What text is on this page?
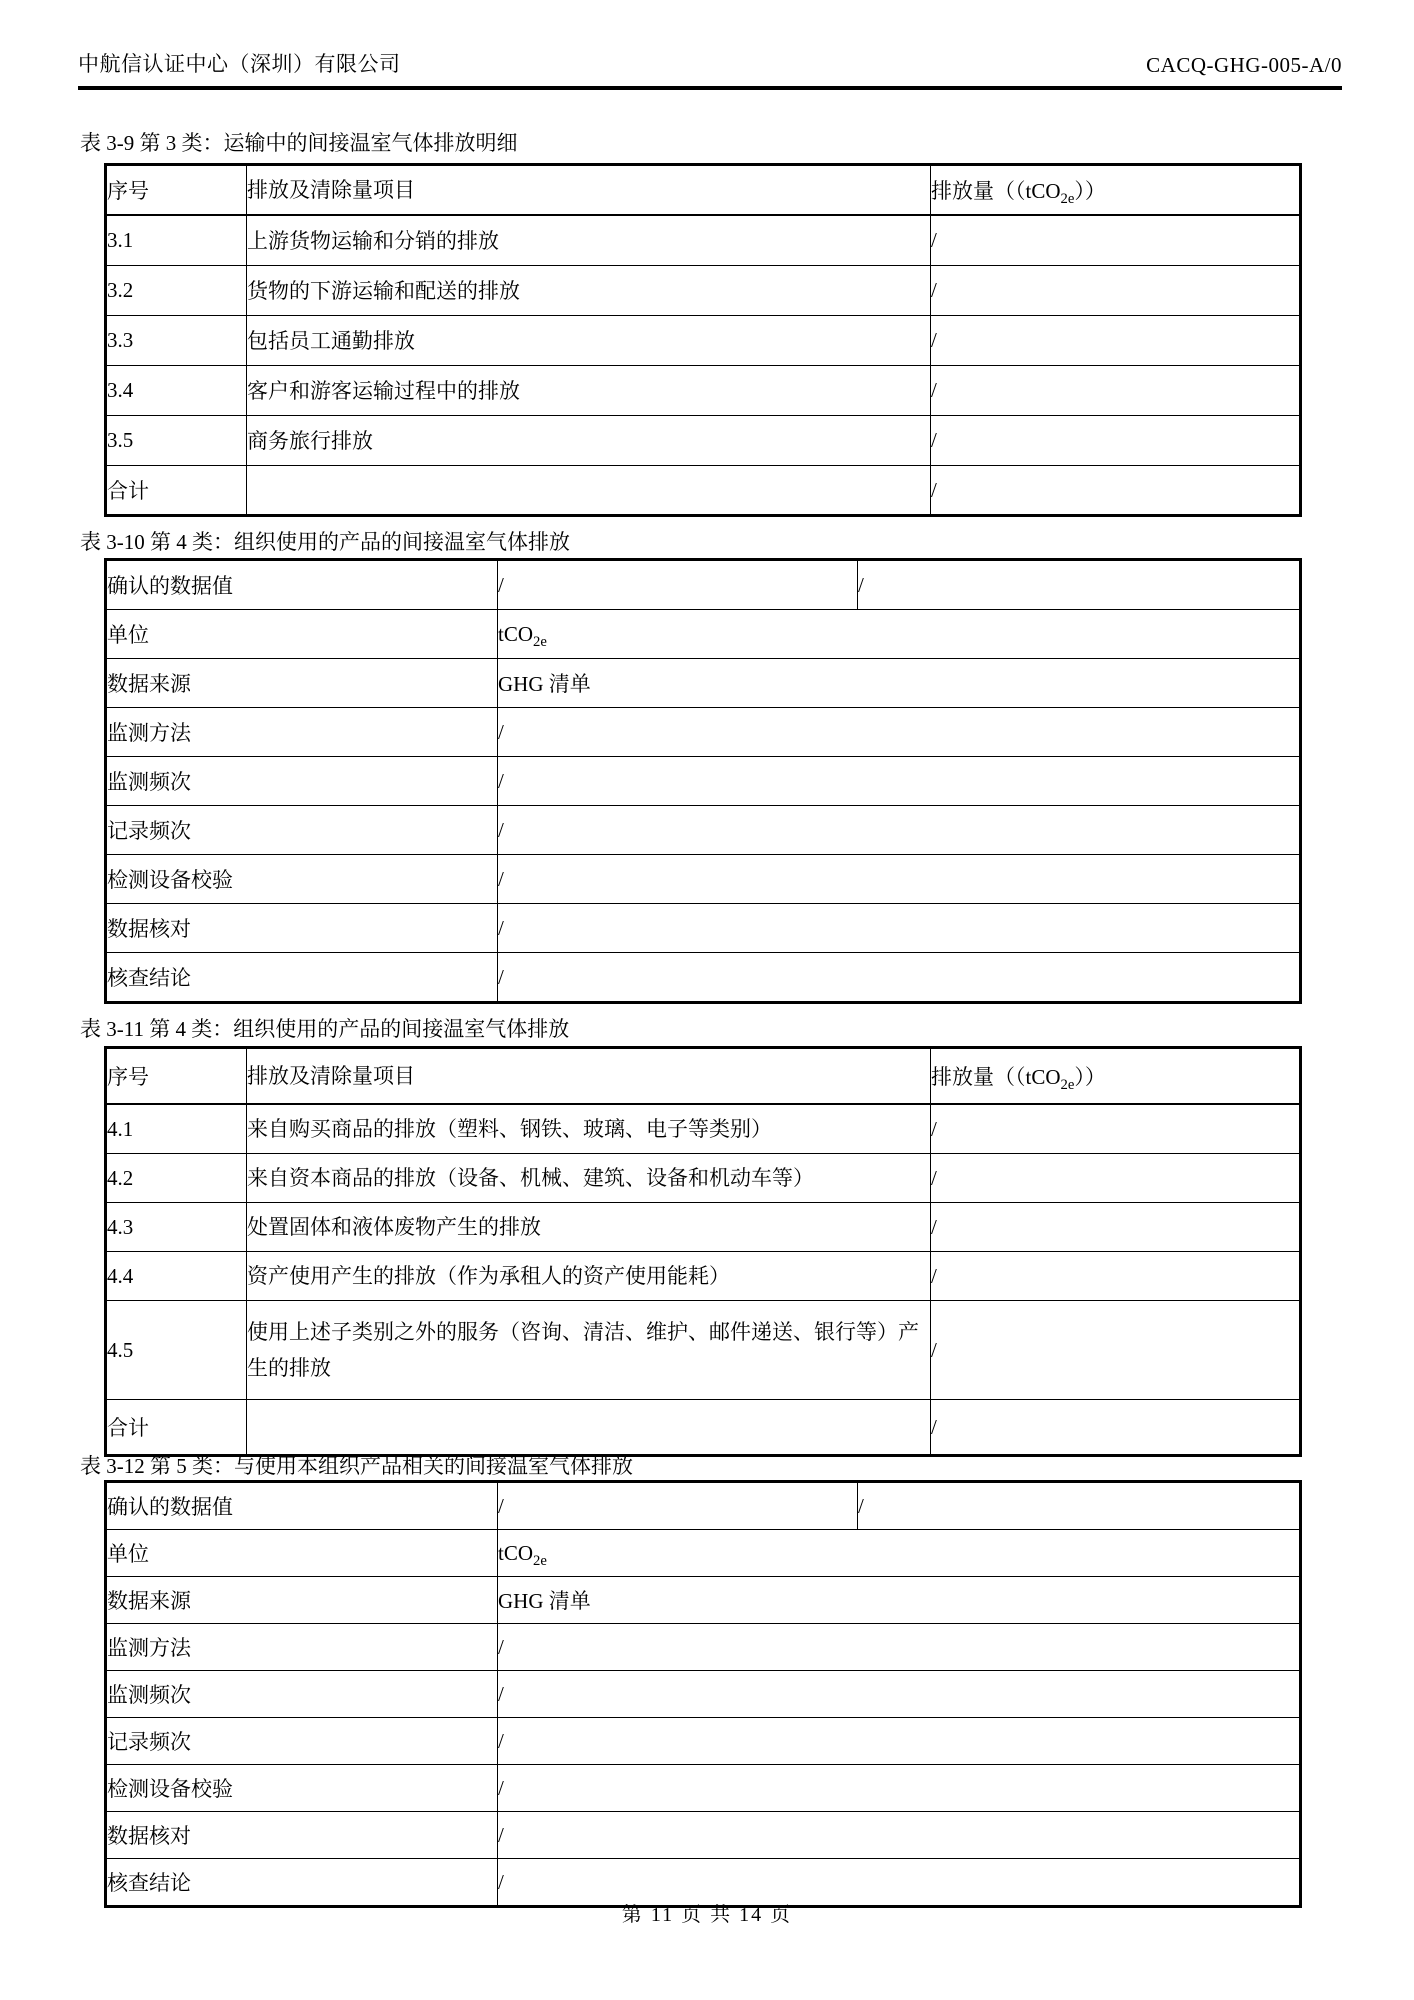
中航信认证中心（深圳）有限公司	CACQ-GHG-005-A/0
表 3-9 第 3 类：运输中的间接温室气体排放明细
序号	排放及清除量项目	排放量（（tCO$_{2e}$））
3.1	上游货物运输和分销的排放	/
3.2	货物的下游运输和配送的排放	/
3.3	包括员工通勤排放	/
3.4	客户和游客运输过程中的排放	/
3.5	商务旅行排放	/
合计		/
表 3-10 第 4 类：组织使用的产品的间接温室气体排放
确认的数据值	/	/
单位	tCO$_{2e}$
数据来源	GHG 清单	
监测方法	/	
监测频次	/	
记录频次	/	
检测设备校验	/	
数据核对	/	
核查结论	/	
表 3-11 第 4 类：组织使用的产品的间接温室气体排放
序号	排放及清除量项目	排放量（（tCO$_{2e}$））
4.1	来自购买商品的排放（塑料、钢铁、玻璃、电子等类别）	/
4.2	来自资本商品的排放（设备、机械、建筑、设备和机动车等）	/
4.3	处置固体和液体废物产生的排放	/
4.4	资产使用产生的排放（作为承租人的资产使用能耗）	/
4.5	使用上述子类别之外的服务（咨询、清洁、维护、邮件递送、银行等）产生的排放	/
合计		/
表 3-12 第 5 类：与使用本组织产品相关的间接温室气体排放
确认的数据值	/	/
单位	tCO$_{2e}$
数据来源	GHG 清单	
监测方法	/	
监测频次	/	
记录频次	/	
检测设备校验	/	
数据核对	/	
核查结论	/	
第 11 页 共 14 页
